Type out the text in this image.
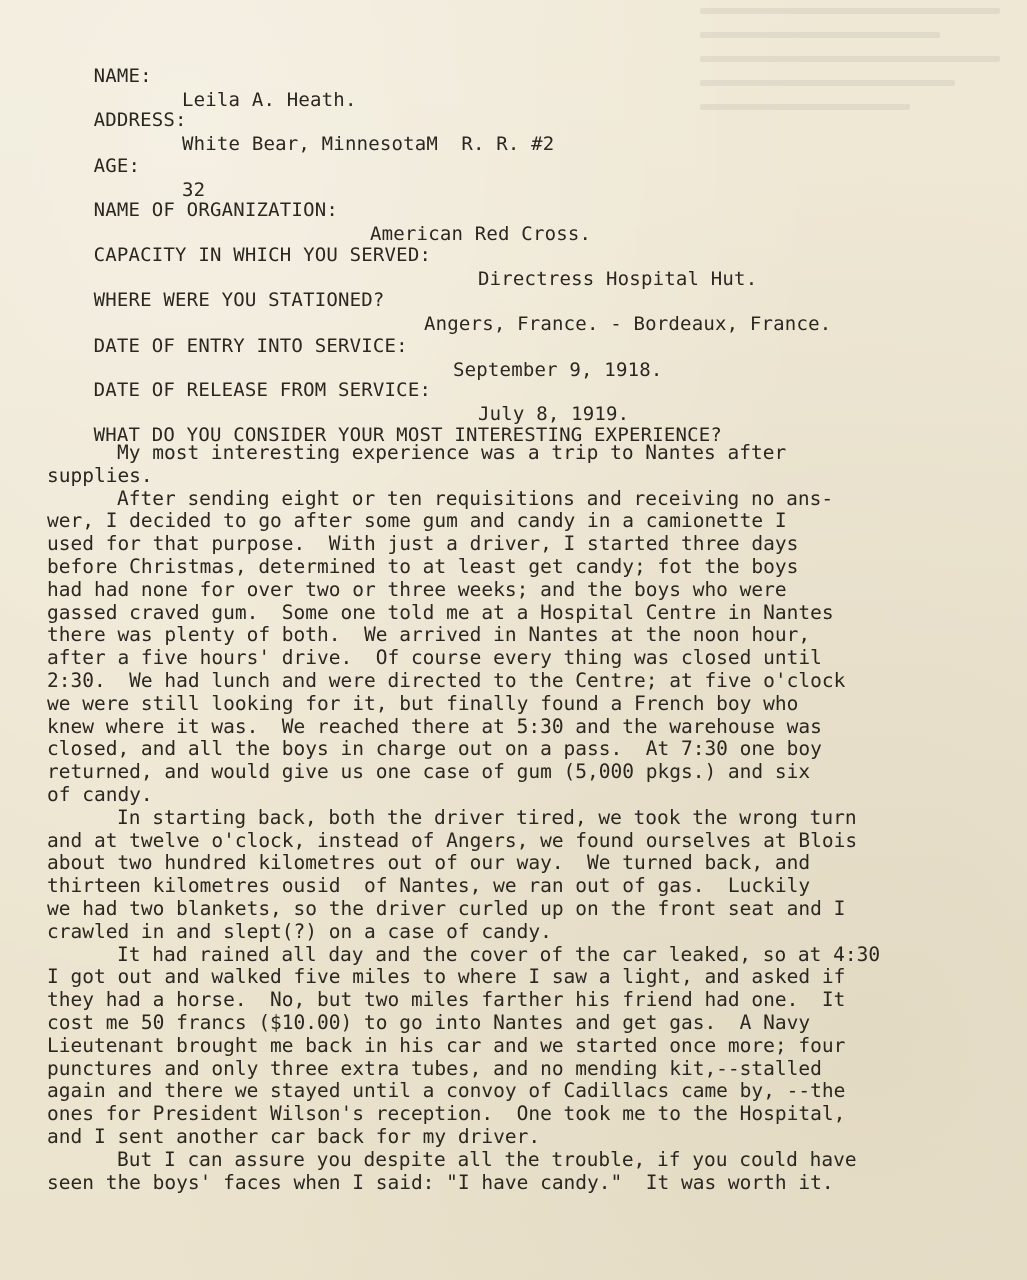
NAME:

Leila A. Heath.

ADDRESS:

White Bear, MinnesotaM  R. R. #2

AGE:

32

NAME OF ORGANIZATION:

American Red Cross.

CAPACITY IN WHICH YOU SERVED:

Directress Hospital Hut.

WHERE WERE YOU STATIONED?

Angers, France. - Bordeaux, France.

DATE OF ENTRY INTO SERVICE:

September 9, 1918.

DATE OF RELEASE FROM SERVICE:

July 8, 1919.

WHAT DO YOU CONSIDER YOUR MOST INTERESTING EXPERIENCE?

My most interesting experience was a trip to Nantes after
supplies.
After sending eight or ten requisitions and receiving no ans-
wer, I decided to go after some gum and candy in a camionette I
used for that purpose.  With just a driver, I started three days
before Christmas, determined to at least get candy; fot the boys
had had none for over two or three weeks; and the boys who were
gassed craved gum.  Some one told me at a Hospital Centre in Nantes
there was plenty of both.  We arrived in Nantes at the noon hour,
after a five hours' drive.  Of course every thing was closed until
2:30.  We had lunch and were directed to the Centre; at five o'clock
we were still looking for it, but finally found a French boy who
knew where it was.  We reached there at 5:30 and the warehouse was
closed, and all the boys in charge out on a pass.  At 7:30 one boy
returned, and would give us one case of gum (5,000 pkgs.) and six
of candy.
In starting back, both the driver tired, we took the wrong turn
and at twelve o'clock, instead of Angers, we found ourselves at Blois
about two hundred kilometres out of our way.  We turned back, and
thirteen kilometres ousid  of Nantes, we ran out of gas.  Luckily
we had two blankets, so the driver curled up on the front seat and I
crawled in and slept(?) on a case of candy.
It had rained all day and the cover of the car leaked, so at 4:30
I got out and walked five miles to where I saw a light, and asked if
they had a horse.  No, but two miles farther his friend had one.  It
cost me 50 francs ($10.00) to go into Nantes and get gas.  A Navy
Lieutenant brought me back in his car and we started once more; four
punctures and only three extra tubes, and no mending kit,--stalled
again and there we stayed until a convoy of Cadillacs came by, --the
ones for President Wilson's reception.  One took me to the Hospital,
and I sent another car back for my driver.
But I can assure you despite all the trouble, if you could have
seen the boys' faces when I said: "I have candy."  It was worth it.
